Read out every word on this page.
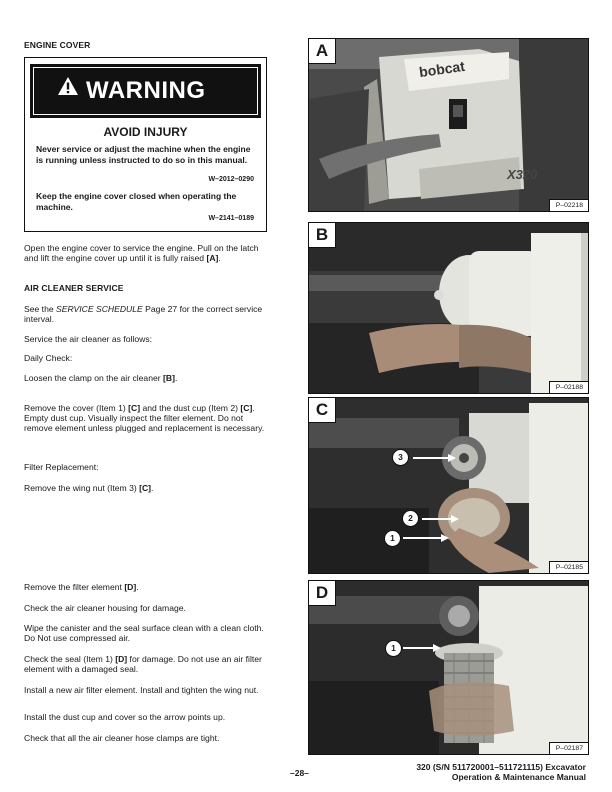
ENGINE COVER
WARNING
AVOID INJURY
Never service or adjust the machine when the engine is running unless instructed to do so in this manual.
W–2012–0290
Keep the engine cover closed when operating the machine.
W–2141–0189
Open the engine cover to service the engine. Pull on the latch and lift the engine cover up until it is fully raised [A].
AIR CLEANER SERVICE
See the SERVICE SCHEDULE Page 27 for the correct service interval.
Service the air cleaner as follows:
Daily Check:
Loosen the clamp on the air cleaner [B].
Remove the cover (Item 1) [C] and the dust cup (Item 2) [C]. Empty dust cup. Visually inspect the filter element. Do not remove element unless plugged and replacement is necessary.
Filter Replacement:
Remove the wing nut (Item 3) [C].
Remove the filter element [D].
Check the air cleaner housing for damage.
Wipe the canister and the seal surface clean with a clean cloth. Do Not use compressed air.
Check the seal (Item 1) [D] for damage. Do not use an air filter element with a damaged seal.
Install a new air filter element. Install and tighten the wing nut.
Install the dust cup and cover so the arrow points up.
Check that all the air cleaner hose clamps are tight.
bobcat
X320
A
P–02218
B
P–02188
3
2
1
C
P–02185
1
D
P–02187
–28–
320 (S/N 511720001–511721115) Excavator
Operation & Maintenance Manual
